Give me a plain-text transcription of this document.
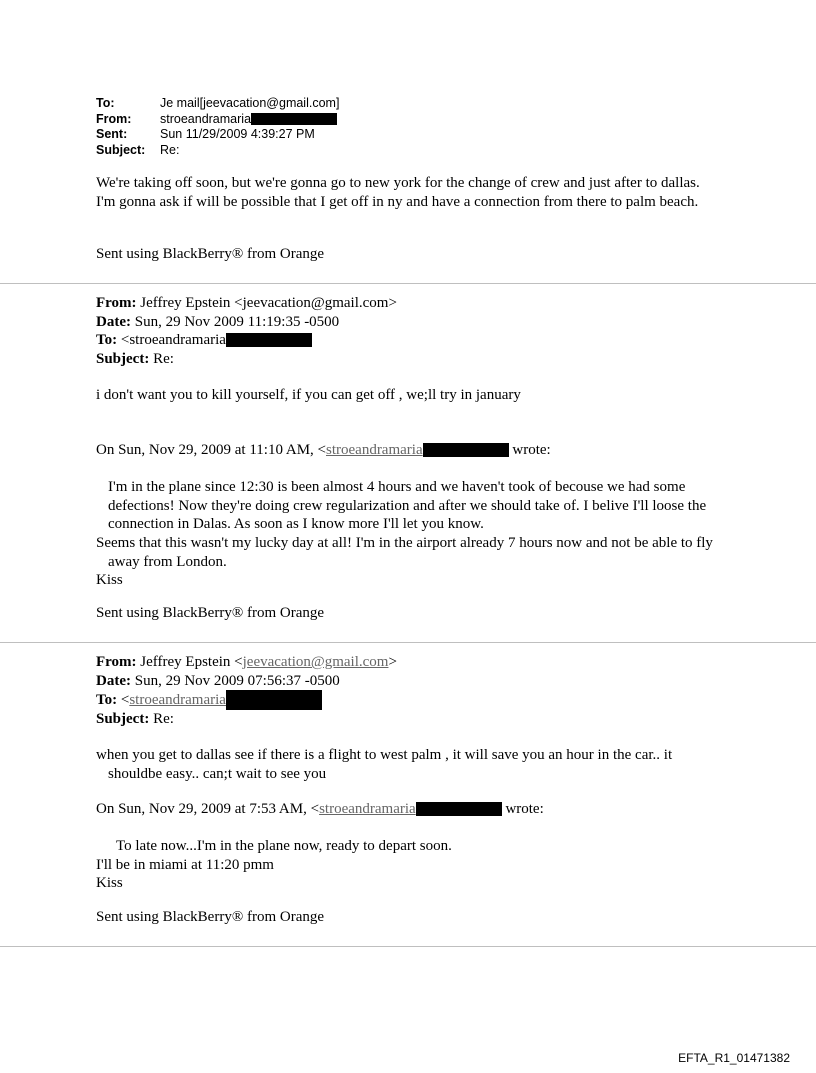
To:	Je mail[jeevacation@gmail.com]
From:	stroeandramaria
Sent:	Sun 11/29/2009 4:39:27 PM
Subject:	Re:
We're taking off soon, but we're gonna go to new york for the change of crew and just after to dallas. I'm gonna ask if will be possible that I get off in ny and have a connection from there to palm beach.
Sent using BlackBerry® from Orange
From: Jeffrey Epstein <jeevacation@gmail.com>
Date: Sun, 29 Nov 2009 11:19:35 -0500
To: <stroeandramaria
Subject: Re:
i don't want you to kill yourself, if you can get off , we;ll try in january
On Sun, Nov 29, 2009 at 11:10 AM, <stroeandramaria	wrote:
I'm in the plane since 12:30 is been almost 4 hours and we haven't took of becouse we had some defections! Now they're doing crew regularization and after we should take of. I belive I'll loose the connection in Dalas. As soon as I know more I'll let you know.
Seems that this wasn't my lucky day at all! I'm in the airport already 7 hours now and not be able to fly away from London.
Kiss
Sent using BlackBerry® from Orange
From: Jeffrey Epstein <jeevacation@gmail.com>
Date: Sun, 29 Nov 2009 07:56:37 -0500
To: <stroeandramaria
Subject: Re:
when you get to dallas see if there is a flight to west palm , it will save you an hour in the car.. it shouldbe easy.. can;t wait to see you
On Sun, Nov 29, 2009 at 7:53 AM, <stroeandramaria	wrote:
To late now...I'm in the plane now, ready to depart soon.
I'll be in miami at 11:20 pmm
Kiss
Sent using BlackBerry® from Orange
EFTA_R1_01471382
